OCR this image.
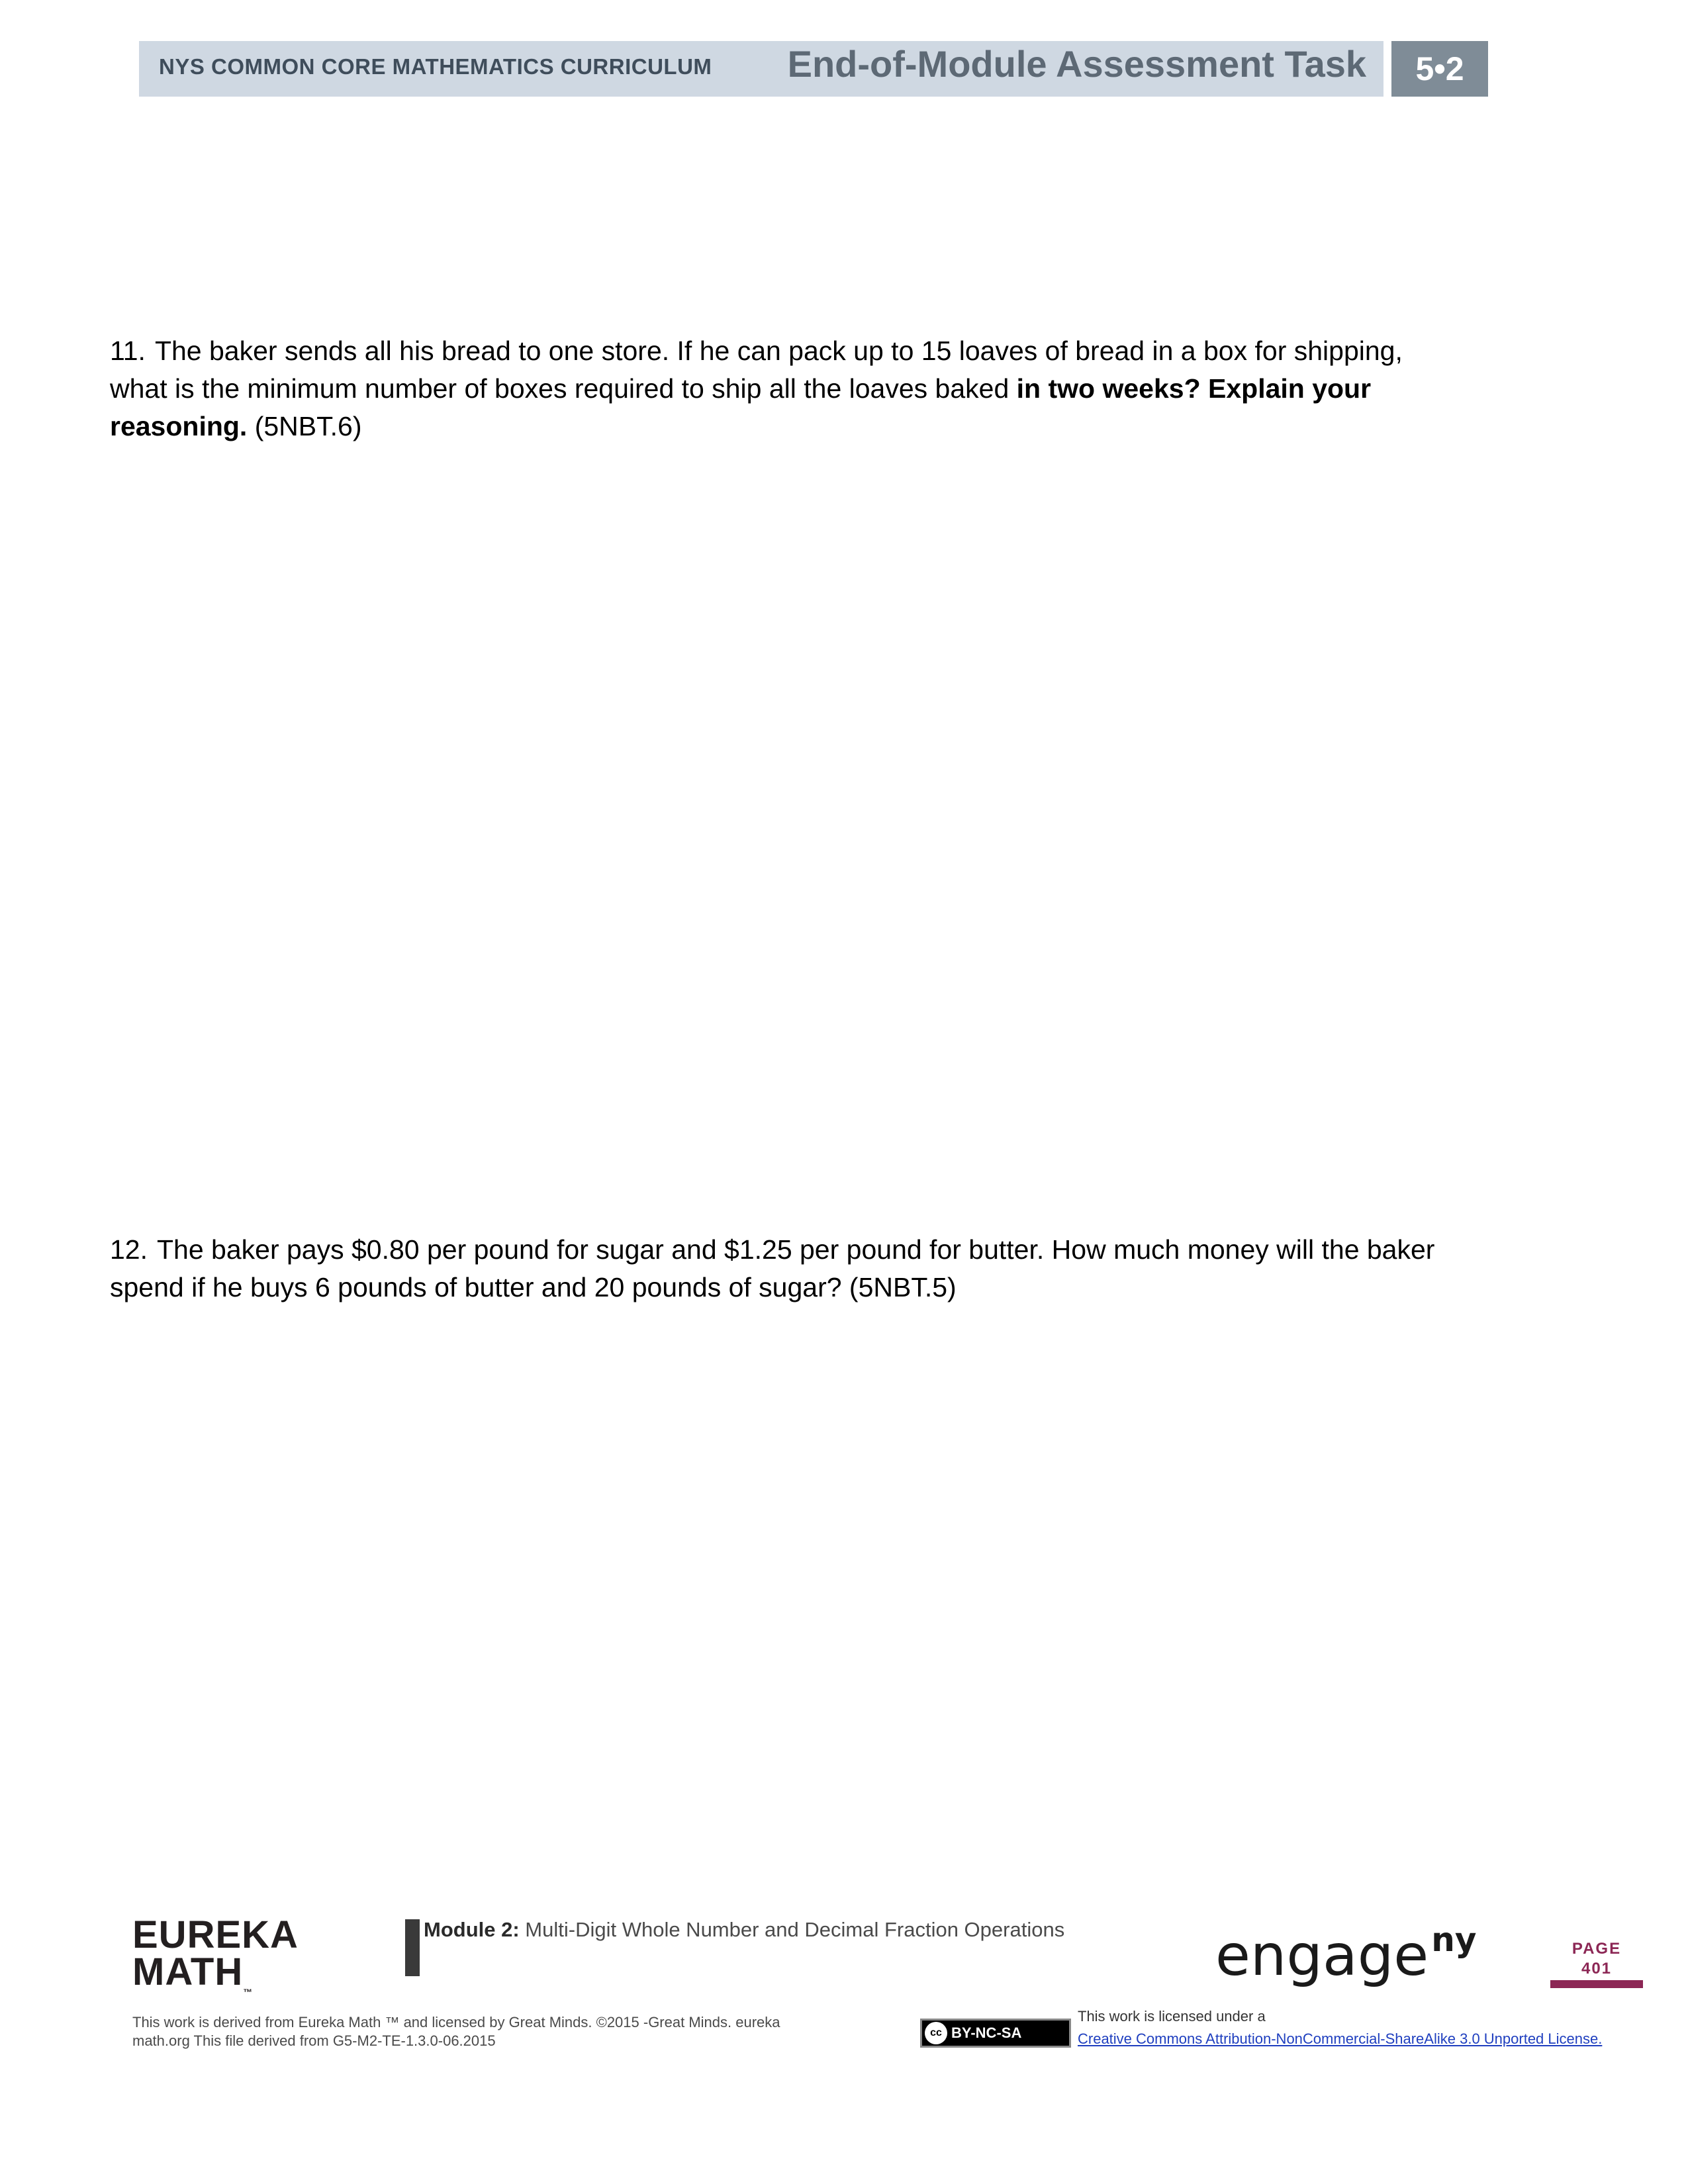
NYS COMMON CORE MATHEMATICS CURRICULUM End-of-Module Assessment Task	5•2
11. The baker sends all his bread to one store. If he can pack up to 15 loaves of bread in a box for shipping, what is the minimum number of boxes required to ship all the loaves baked in two weeks? Explain your reasoning. (5NBT.6)
12. The baker pays $0.80 per pound for sugar and $1.25 per pound for butter. How much money will the baker spend if he buys 6 pounds of butter and 20 pounds of sugar? (5NBT.5)
EUREKA
MATH™
Module 2: Multi-Digit Whole Number and Decimal Fraction Operations	engage$^{ny}$	PAGE
401
This work is derived from Eureka Math ™ and licensed by Great Minds. ©2015 -Great Minds. eureka math.org This file derived from G5-M2-TE-1.3.0-06.2015	cc BY-NC-SA
This work is licensed under a
Creative Commons Attribution-NonCommercial-ShareAlike 3.0 Unported License.
